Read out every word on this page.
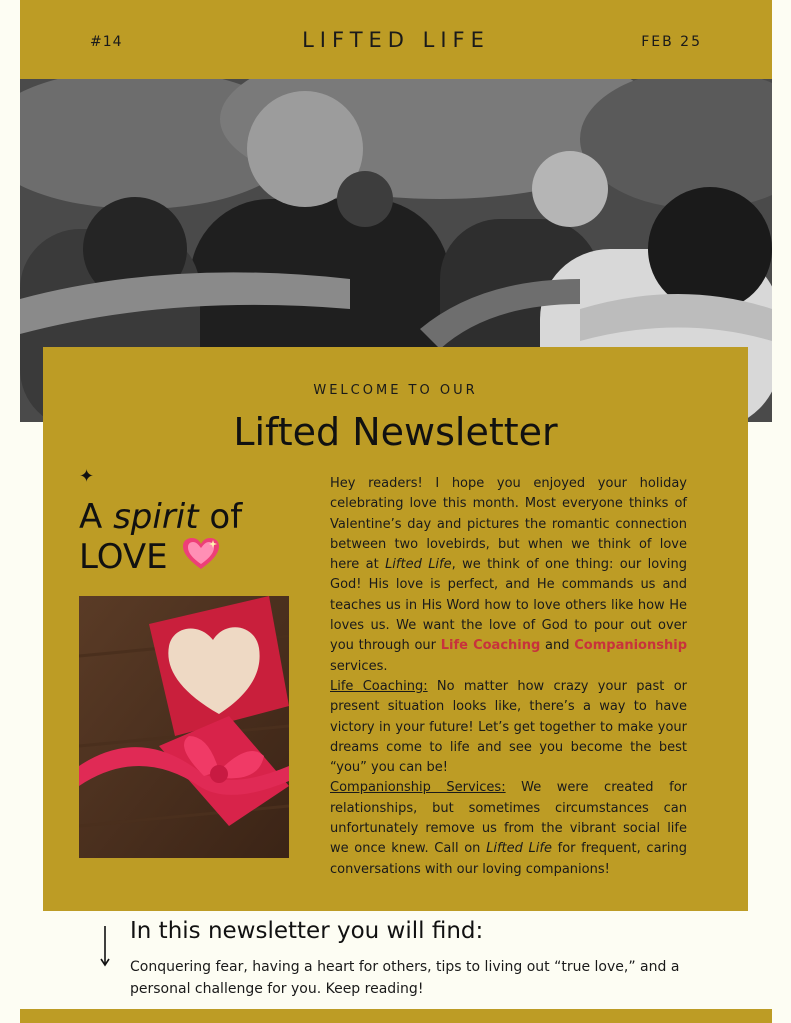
#14	LIFTED LIFE	FEB 25
WELCOME TO OUR
Lifted Newsletter
✦
A spirit of
LOVE

Hey readers! I hope you enjoyed your holiday celebrating love this month. Most everyone thinks of Valentine’s day and pictures the romantic connection between two lovebirds, but when we think of love here at Lifted Life, we think of one thing: our loving God! His love is perfect, and He commands us and teaches us in His Word how to love others like how He loves us. We want the love of God to pour out over you through our Life Coaching and Companionship services.

Life Coaching: No matter how crazy your past or present situation looks like, there’s a way to have victory in your future! Let’s get together to make your dreams come to life and see you become the best “you” you can be!

Companionship Services: We were created for relationships, but sometimes circumstances can unfortunately remove us from the vibrant social life we once knew. Call on Lifted Life for frequent, caring conversations with our loving companions!

In this newsletter you will find:
Conquering fear, having a heart for others, tips to living out “true love,” and a personal challenge for you. Keep reading!
